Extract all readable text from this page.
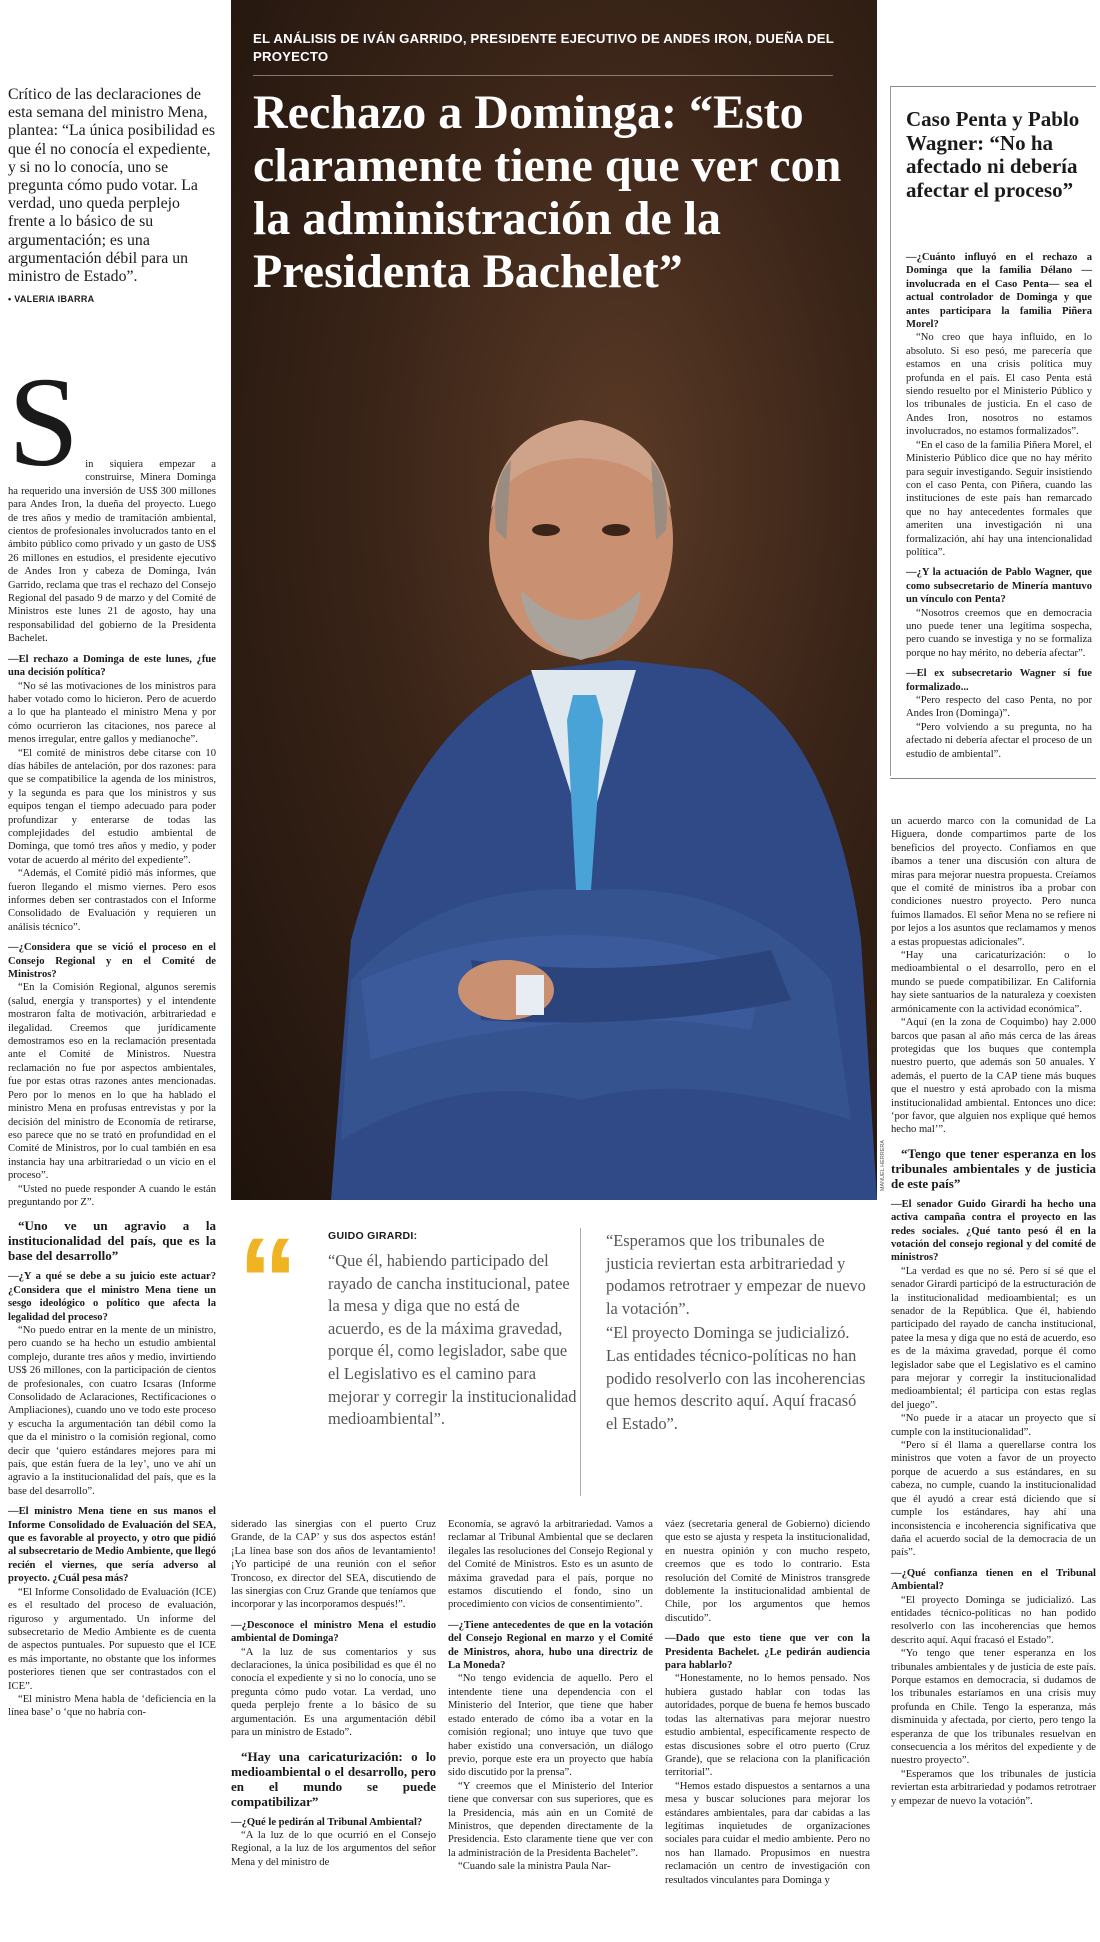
Crítico de las declaraciones de esta semana del ministro Mena, plantea: “La única posibilidad es que él no conocía el expediente, y si no lo conocía, uno se pregunta cómo pudo votar. La verdad, uno queda perplejo frente a lo básico de su argumentación; es una argumentación débil para un ministro de Estado”.

• VALERIA IBARRA
S in siquiera empezar a construirse, Minera Dominga ha requerido una inversión de US$ 300 millones para Andes Iron, la dueña del proyecto. Luego de tres años y medio de tramitación ambiental, cientos de profesionales involucrados tanto en el ámbito público como privado y un gasto de US$ 26 millones en estudios, el presidente ejecutivo de Andes Iron y cabeza de Dominga, Iván Garrido, reclama que tras el rechazo del Consejo Regional del pasado 9 de marzo y del Comité de Ministros este lunes 21 de agosto, hay una responsabilidad del gobierno de la Presidenta Bachelet.

—El rechazo a Dominga de este lunes, ¿fue una decisión política?

“No sé las motivaciones de los ministros para haber votado como lo hicieron. Pero de acuerdo a lo que ha planteado el ministro Mena y por cómo ocurrieron las citaciones, nos parece al menos irregular, entre gallos y medianoche”.

“El comité de ministros debe citarse con 10 días hábiles de antelación, por dos razones: para que se compatibilice la agenda de los ministros, y la segunda es para que los ministros y sus equipos tengan el tiempo adecuado para poder profundizar y enterarse de todas las complejidades del estudio ambiental de Dominga, que tomó tres años y medio, y poder votar de acuerdo al mérito del expediente”.

“Además, el Comité pidió más informes, que fueron llegando el mismo viernes. Pero esos informes deben ser contrastados con el Informe Consolidado de Evaluación y requieren un análisis técnico”.

—¿Considera que se vició el proceso en el Consejo Regional y en el Comité de Ministros?

“En la Comisión Regional, algunos seremis (salud, energía y transportes) y el intendente mostraron falta de motivación, arbitrariedad e ilegalidad. Creemos que jurídicamente demostramos eso en la reclamación presentada ante el Comité de Ministros. Nuestra reclamación no fue por aspectos ambientales, fue por estas otras razones antes mencionadas. Pero por lo menos en lo que ha hablado el ministro Mena en profusas entrevistas y por la decisión del ministro de Economía de retirarse, eso parece que no se trató en profundidad en el Comité de Ministros, por lo cual también en esa instancia hay una arbitrariedad o un vicio en el proceso”.

“Usted no puede responder A cuando le están preguntando por Z”.

“Uno ve un agravio a la institucionalidad del país, que es la base del desarrollo”

—¿Y a qué se debe a su juicio este actuar?¿Considera que el ministro Mena tiene un sesgo ideológico o político que afecta la legalidad del proceso?

“No puedo entrar en la mente de un ministro, pero cuando se ha hecho un estudio ambiental complejo, durante tres años y medio, invirtiendo US$ 26 millones, con la participación de cientos de profesionales, con cuatro Icsaras (Informe Consolidado de Aclaraciones, Rectificaciones o Ampliaciones), cuando uno ve todo este proceso y escucha la argumentación tan débil como la que da el ministro o la comisión regional, como decir que ‘quiero estándares mejores para mi país, que están fuera de la ley’, uno ve ahí un agravio a la institucionalidad del país, que es la base del desarrollo”.

—El ministro Mena tiene en sus manos el Informe Consolidado de Evaluación del SEA, que es favorable al proyecto, y otro que pidió al subsecretario de Medio Ambiente, que llegó recién el viernes, que sería adverso al proyecto. ¿Cuál pesa más?

“El Informe Consolidado de Evaluación (ICE) es el resultado del proceso de evaluación, riguroso y argumentado. Un informe del subsecretario de Medio Ambiente es de cuenta de aspectos puntuales. Por supuesto que el ICE es más importante, no obstante que los informes posteriores tienen que ser contrastados con el ICE”.

“El ministro Mena habla de ‘deficiencia en la línea base’ o ‘que no habría con-

EL ANÁLISIS DE IVÁN GARRIDO, PRESIDENTE EJECUTIVO DE ANDES IRON, DUEÑA DEL PROYECTO
Rechazo a Dominga: “Esto claramente tiene que ver con la administración de la Presidenta Bachelet”
MANUEL HERRERA
Caso Penta y Pablo Wagner: “No ha afectado ni debería afectar el proceso”

—¿Cuánto influyó en el rechazo a Dominga que la familia Délano —involucrada en el Caso Penta— sea el actual controlador de Dominga y que antes participara la familia Piñera Morel?

“No creo que haya influido, en lo absoluto. Si eso pesó, me parecería que estamos en una crisis política muy profunda en el país. El caso Penta está siendo resuelto por el Ministerio Público y los tribunales de justicia. En el caso de Andes Iron, nosotros no estamos involucrados, no estamos formalizados”.

“En el caso de la familia Piñera Morel, el Ministerio Público dice que no hay mérito para seguir investigando. Seguir insistiendo con el caso Penta, con Piñera, cuando las instituciones de este país han remarcado que no hay antecedentes formales que ameriten una investigación ni una formalización, ahí hay una intencionalidad política”.

—¿Y la actuación de Pablo Wagner, que como subsecretario de Minería mantuvo un vínculo con Penta?

“Nosotros creemos que en democracia uno puede tener una legítima sospecha, pero cuando se investiga y no se formaliza porque no hay mérito, no debería afectar”.

—El ex subsecretario Wagner sí fue formalizado...

“Pero respecto del caso Penta, no por Andes Iron (Dominga)”.

“Pero volviendo a su pregunta, no ha afectado ni debería afectar el proceso de un estudio de ambiental”.

un acuerdo marco con la comunidad de La Higuera, donde compartimos parte de los beneficios del proyecto. Confiamos en que íbamos a tener una discusión con altura de miras para mejorar nuestra propuesta. Creíamos que el comité de ministros iba a probar con condiciones nuestro proyecto. Pero nunca fuimos llamados. El señor Mena no se refiere ni por lejos a los asuntos que reclamamos y menos a estas propuestas adicionales”.

“Hay una caricaturización: o lo medioambiental o el desarrollo, pero en el mundo se puede compatibilizar. En California hay siete santuarios de la naturaleza y coexisten armónicamente con la actividad económica”.

“Aquí (en la zona de Coquimbo) hay 2.000 barcos que pasan al año más cerca de las áreas protegidas que los buques que contempla nuestro puerto, que además son 50 anuales. Y además, el puerto de la CAP tiene más buques que el nuestro y está aprobado con la misma institucionalidad ambiental. Entonces uno dice: ‘por favor, que alguien nos explique qué hemos hecho mal’”.

“Tengo que tener esperanza en los tribunales ambientales y de justicia de este país”

—El senador Guido Girardi ha hecho una activa campaña contra el proyecto en las redes sociales. ¿Qué tanto pesó él en la votación del consejo regional y del comité de ministros?

“La verdad es que no sé. Pero sí sé que el senador Girardi participó de la estructuración de la institucionalidad medioambiental; es un senador de la República. Que él, habiendo participado del rayado de cancha institucional, patee la mesa y diga que no está de acuerdo, eso es de la máxima gravedad, porque él como legislador sabe que el Legislativo es el camino para mejorar y corregir la institucionalidad medioambiental; él participa con estas reglas del juego”.

“No puede ir a atacar un proyecto que sí cumple con la institucionalidad”.

“Pero sí él llama a querellarse contra los ministros que voten a favor de un proyecto porque de acuerdo a sus estándares, en su cabeza, no cumple, cuando la institucionalidad que él ayudó a crear está diciendo que sí cumple los estándares, hay ahí una inconsistencia e incoherencia significativa que daña el acuerdo social de la democracia de un país”.

—¿Qué confianza tienen en el Tribunal Ambiental?

“El proyecto Dominga se judicializó. Las entidades técnico-políticas no han podido resolverlo con las incoherencias que hemos descrito aquí. Aquí fracasó el Estado”.

“Yo tengo que tener esperanza en los tribunales ambientales y de justicia de este país. Porque estamos en democracia, si dudamos de los tribunales estaríamos en una crisis muy profunda en Chile. Tengo la esperanza, más disminuida y afectada, por cierto, pero tengo la esperanza de que los tribunales resuelvan en consecuencia a los méritos del expediente y de nuestro proyecto”.

“Esperamos que los tribunales de justicia reviertan esta arbitrariedad y podamos retrotraer y empezar de nuevo la votación”.

“	GUIDO GIRARDI:
“Que él, habiendo participado del rayado de cancha institucional, patee la mesa y diga que no está de acuerdo, es de la máxima gravedad, porque él, como legislador, sabe que el Legislativo es el camino para mejorar y corregir la institucionalidad medioambiental”.

“Esperamos que los tribunales de justicia reviertan esta arbitrariedad y podamos retrotraer y empezar de nuevo la votación”.

“El proyecto Dominga se judicializó. Las entidades técnico-políticas no han podido resolverlo con las incoherencias que hemos descrito aquí. Aquí fracasó el Estado”.

siderado las sinergias con el puerto Cruz Grande, de la CAP’ y sus dos aspectos están! ¡La línea base son dos años de levantamiento! ¡Yo participé de una reunión con el señor Troncoso, ex director del SEA, discutiendo de las sinergias con Cruz Grande que teníamos que incorporar y las incorporamos después!”.

—¿Desconoce el ministro Mena el estudio ambiental de Dominga?

“A la luz de sus comentarios y sus declaraciones, la única posibilidad es que él no conocía el expediente y si no lo conocía, uno se pregunta cómo pudo votar. La verdad, uno queda perplejo frente a lo básico de su argumentación. Es una argumentación débil para un ministro de Estado”.

“Hay una caricaturización: o lo medioambiental o el desarrollo, pero en el mundo se puede compatibilizar”

—¿Qué le pedirán al Tribunal Ambiental?

“A la luz de lo que ocurrió en el Consejo Regional, a la luz de los argumentos del señor Mena y del ministro de

Economía, se agravó la arbitrariedad. Vamos a reclamar al Tribunal Ambiental que se declaren ilegales las resoluciones del Consejo Regional y del Comité de Ministros. Esto es un asunto de máxima gravedad para el país, porque no estamos discutiendo el fondo, sino un procedimiento con vicios de consentimiento”.

—¿Tiene antecedentes de que en la votación del Consejo Regional en marzo y el Comité de Ministros, ahora, hubo una directriz de La Moneda?

“No tengo evidencia de aquello. Pero el intendente tiene una dependencia con el Ministerio del Interior, que tiene que haber estado enterado de cómo iba a votar en la comisión regional; uno intuye que tuvo que haber existido una conversación, un diálogo previo, porque este era un proyecto que había sido discutido por la prensa”.

“Y creemos que el Ministerio del Interior tiene que conversar con sus superiores, que es la Presidencia, más aún en un Comité de Ministros, que dependen directamente de la Presidencia. Esto claramente tiene que ver con la administración de la Presidenta Bachelet”.

“Cuando sale la ministra Paula Nar-

váez (secretaria general de Gobierno) diciendo que esto se ajusta y respeta la institucionalidad, en nuestra opinión y con mucho respeto, creemos que es todo lo contrario. Esta resolución del Comité de Ministros transgrede doblemente la institucionalidad ambiental de Chile, por los argumentos que hemos discutido”.

—Dado que esto tiene que ver con la Presidenta Bachelet. ¿Le pedirán audiencia para hablarlo?

“Honestamente, no lo hemos pensado. Nos hubiera gustado hablar con todas las autoridades, porque de buena fe hemos buscado todas las alternativas para mejorar nuestro estudio ambiental, específicamente respecto de estas discusiones sobre el otro puerto (Cruz Grande), que se relaciona con la planificación territorial”.

“Hemos estado dispuestos a sentarnos a una mesa y buscar soluciones para mejorar los estándares ambientales, para dar cabidas a las legítimas inquietudes de organizaciones sociales para cuidar el medio ambiente. Pero no nos han llamado. Propusimos en nuestra reclamación un centro de investigación con resultados vinculantes para Dominga y
